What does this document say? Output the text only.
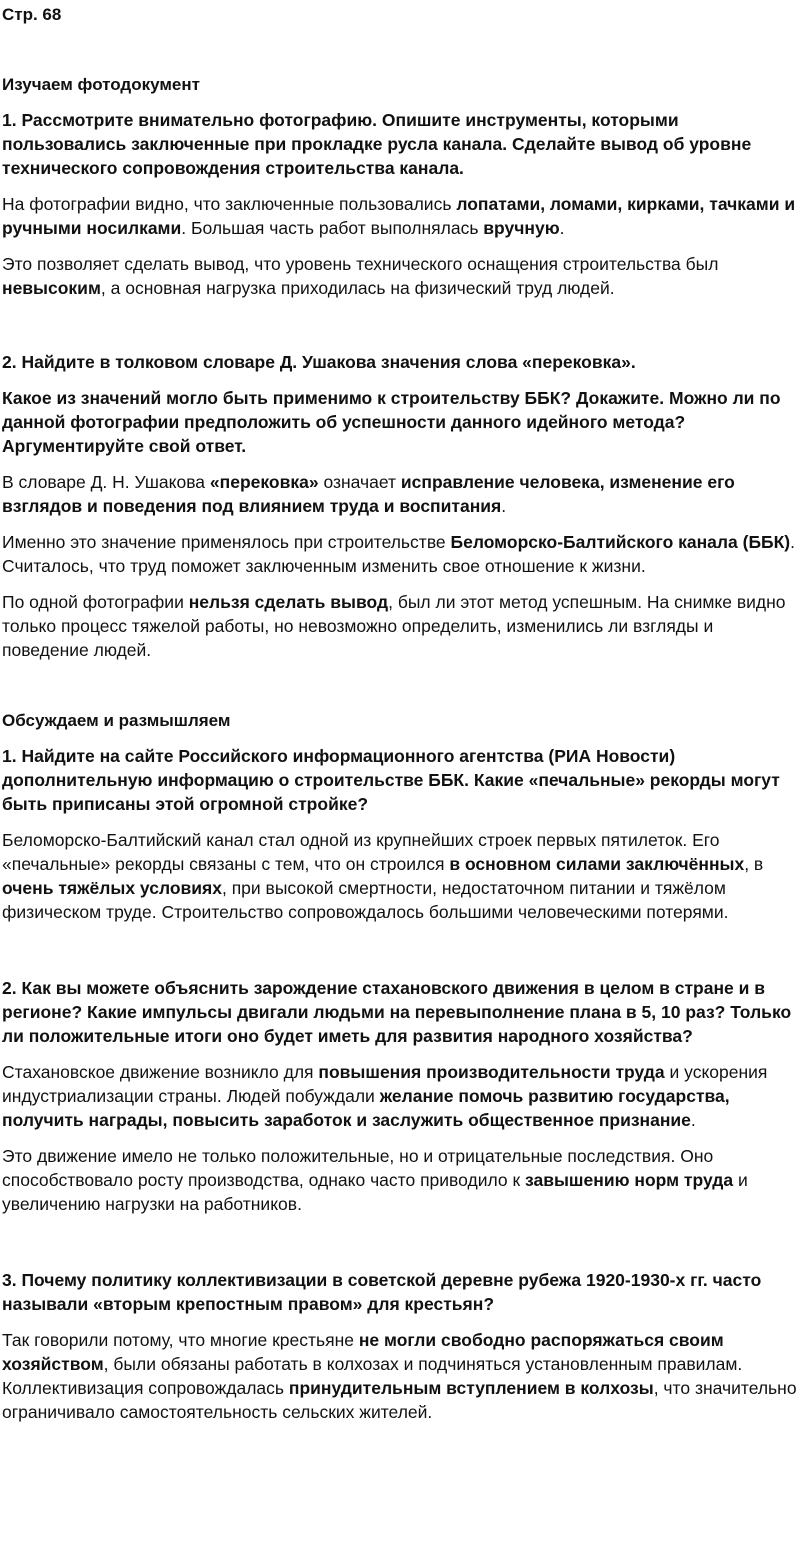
Стр. 68
Изучаем фотодокумент

1. Рассмотрите внимательно фотографию. Опишите инструменты, которыми пользовались заключенные при прокладке русла канала. Сделайте вывод об уровне технического сопровождения строительства канала.

На фотографии видно, что заключенные пользовались лопатами, ломами, кирками, тачками и ручными носилками. Большая часть работ выполнялась вручную.

Это позволяет сделать вывод, что уровень технического оснащения строительства был невысоким, а основная нагрузка приходилась на физический труд людей.

2. Найдите в толковом словаре Д. Ушакова значения слова «перековка».

Какое из значений могло быть применимо к строительству ББК? Докажите. Можно ли по данной фотографии предположить об успешности данного идейного метода? Аргументируйте свой ответ.

В словаре Д. Н. Ушакова «перековка» означает исправление человека, изменение его взглядов и поведения под влиянием труда и воспитания.

Именно это значение применялось при строительстве Беломорско-Балтийского канала (ББК). Считалось, что труд поможет заключенным изменить свое отношение к жизни.

По одной фотографии нельзя сделать вывод, был ли этот метод успешным. На снимке видно только процесс тяжелой работы, но невозможно определить, изменились ли взгляды и поведение людей.

Обсуждаем и размышляем

1. Найдите на сайте Российского информационного агентства (РИА Новости) дополнительную информацию о строительстве ББК. Какие «печальные» рекорды могут быть приписаны этой огромной стройке?

Беломорско-Балтийский канал стал одной из крупнейших строек первых пятилеток. Его «печальные» рекорды связаны с тем, что он строился в основном силами заключённых, в очень тяжёлых условиях, при высокой смертности, недостаточном питании и тяжёлом физическом труде. Строительство сопровождалось большими человеческими потерями.

2. Как вы можете объяснить зарождение стахановского движения в целом в стране и в регионе? Какие импульсы двигали людьми на перевыполнение плана в 5, 10 раз? Только ли положительные итоги оно будет иметь для развития народного хозяйства?

Стахановское движение возникло для повышения производительности труда и ускорения индустриализации страны. Людей побуждали желание помочь развитию государства, получить награды, повысить заработок и заслужить общественное признание.

Это движение имело не только положительные, но и отрицательные последствия. Оно способствовало росту производства, однако часто приводило к завышению норм труда и увеличению нагрузки на работников.

3. Почему политику коллективизации в советской деревне рубежа 1920-1930-х гг. часто называли «вторым крепостным правом» для крестьян?

Так говорили потому, что многие крестьяне не могли свободно распоряжаться своим хозяйством, были обязаны работать в колхозах и подчиняться установленным правилам. Коллективизация сопровождалась принудительным вступлением в колхозы, что значительно ограничивало самостоятельность сельских жителей.
